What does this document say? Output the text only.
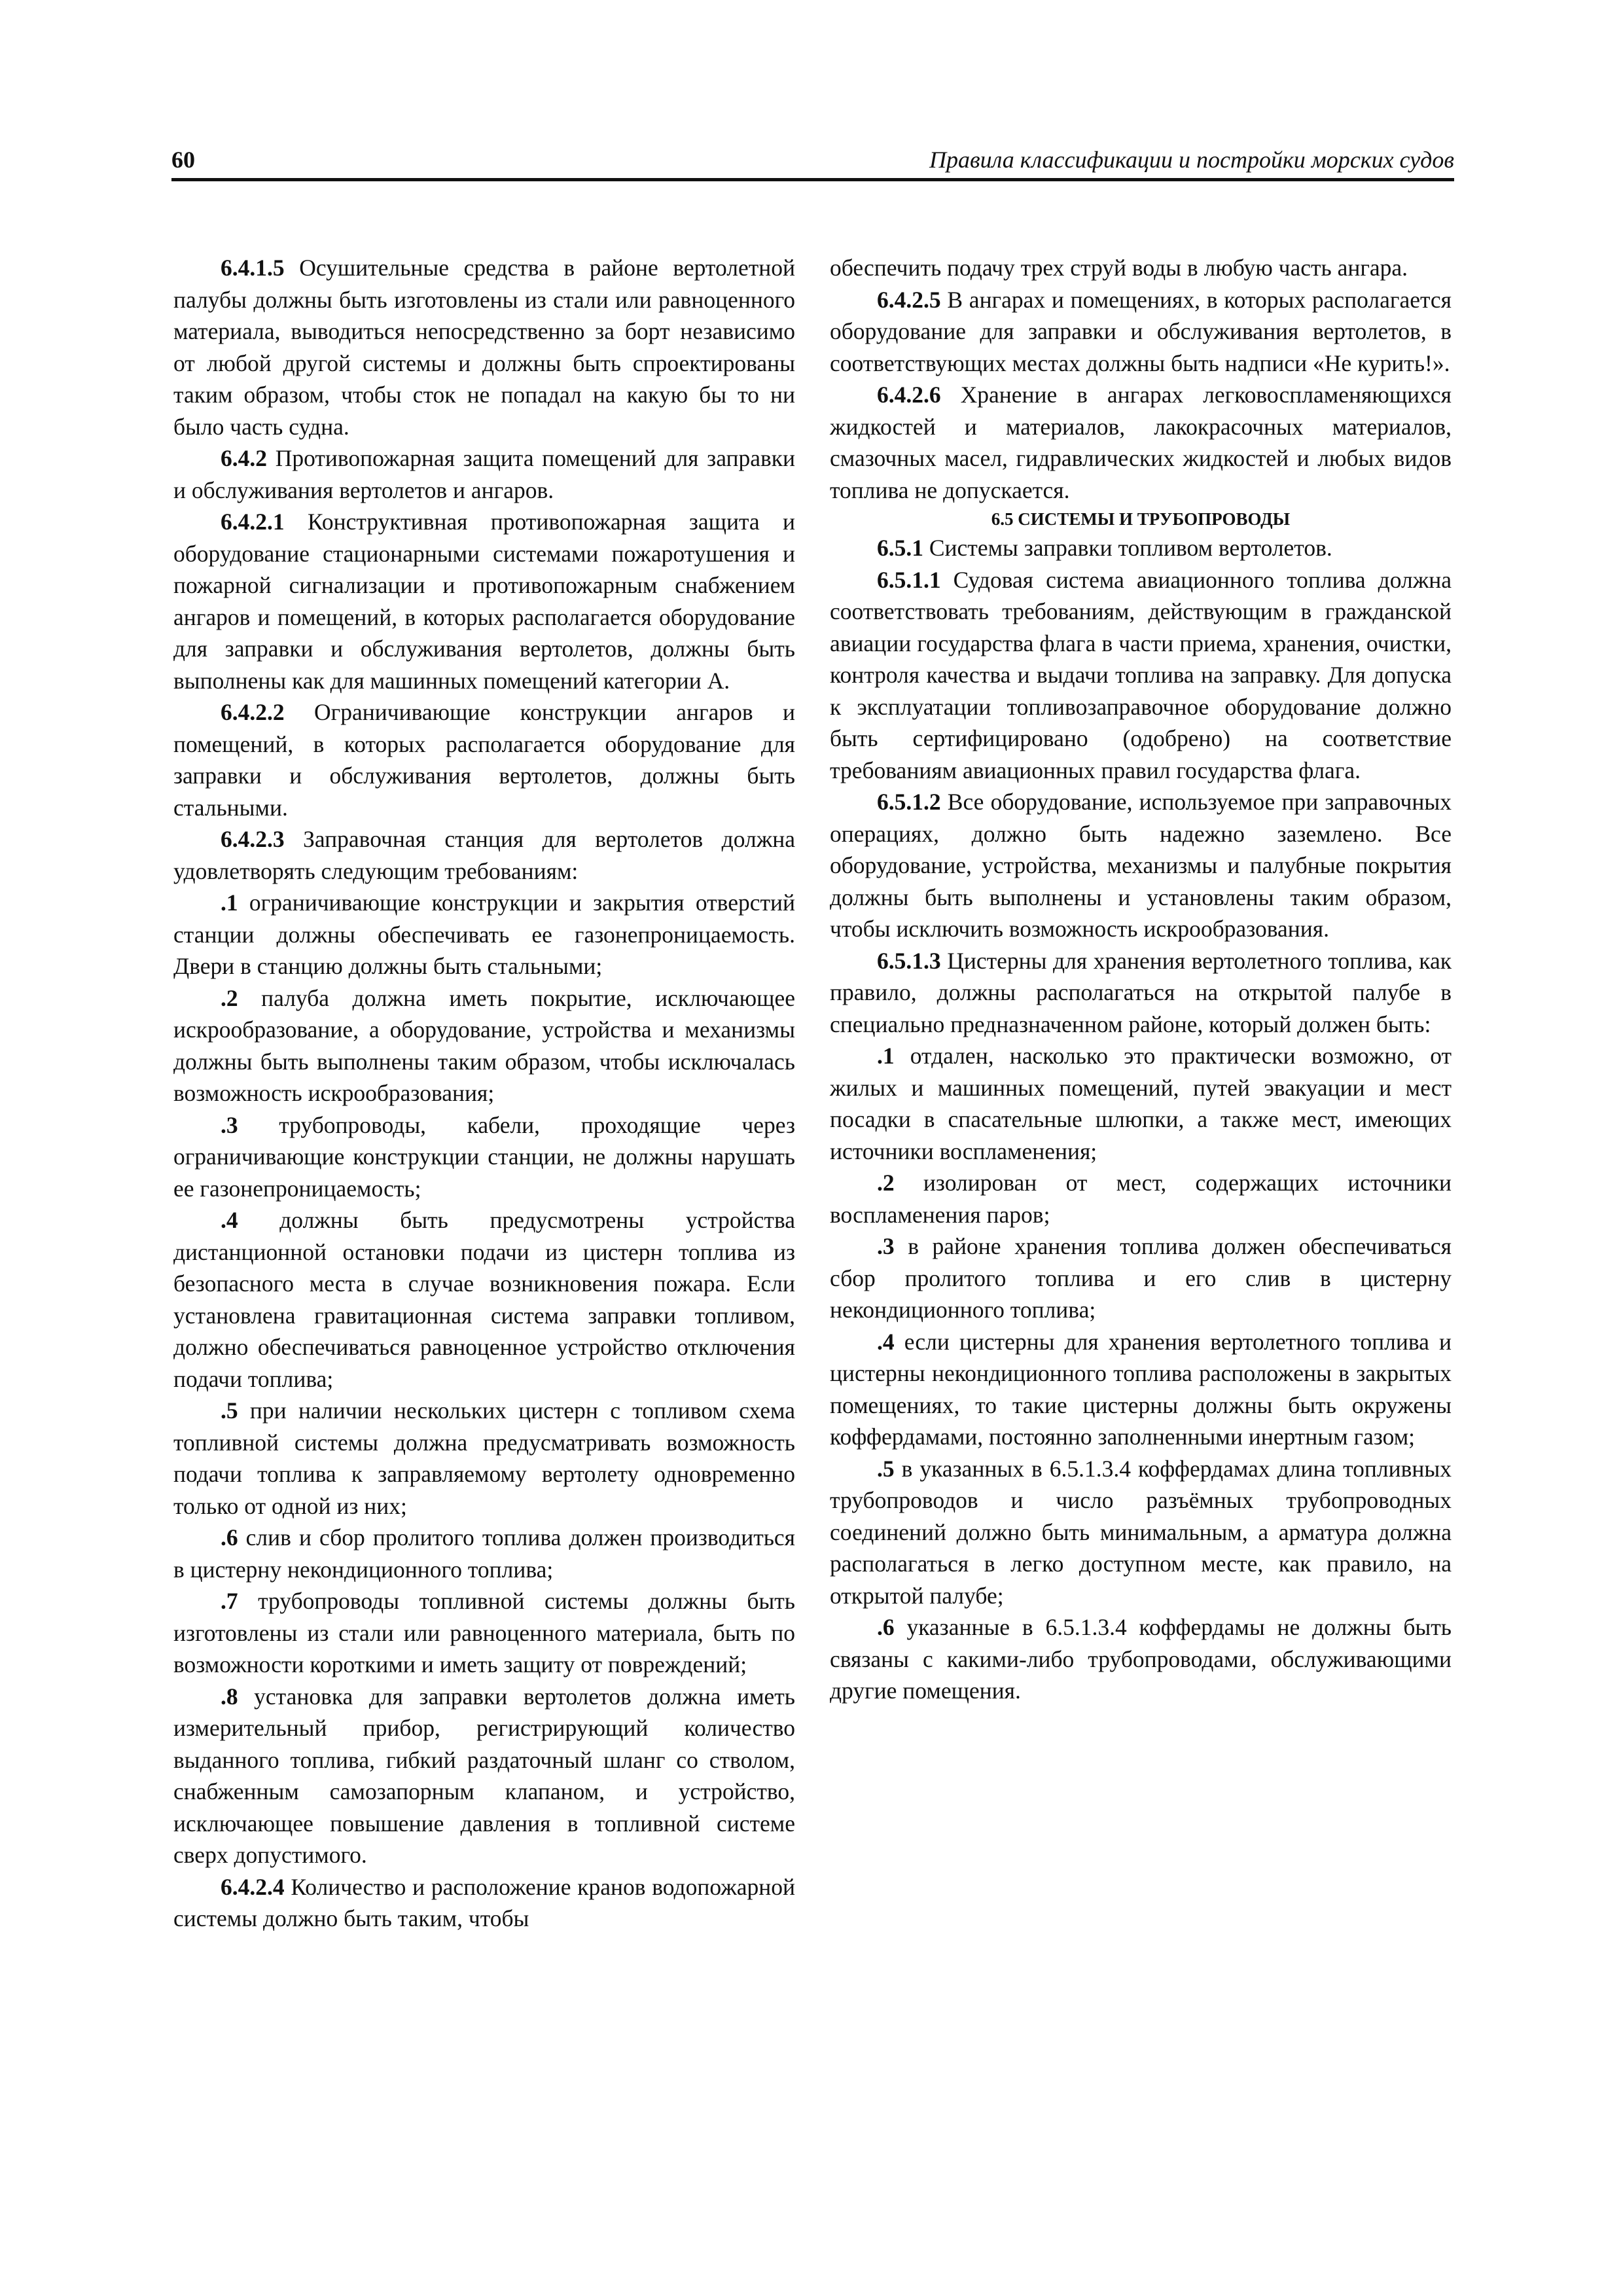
60	Правила классификации и постройки морских судов

6.4.1.5 Осушительные средства в районе вертолетной палубы должны быть изготовлены из стали или равноценного материала, выводиться непосредственно за борт независимо от любой другой системы и должны быть спроектированы таким образом, чтобы сток не попадал на какую бы то ни было часть судна.

6.4.2 Противопожарная защита помещений для заправки и обслуживания вертолетов и ангаров.

6.4.2.1 Конструктивная противопожарная защита и оборудование стационарными системами пожаротушения и пожарной сигнализации и противопожарным снабжением ангаров и помещений, в которых располагается оборудование для заправки и обслуживания вертолетов, должны быть выполнены как для машинных помещений категории А.

6.4.2.2 Ограничивающие конструкции ангаров и помещений, в которых располагается оборудование для заправки и обслуживания вертолетов, должны быть стальными.

6.4.2.3 Заправочная станция для вертолетов должна удовлетворять следующим требованиям:

.1 ограничивающие конструкции и закрытия отверстий станции должны обеспечивать ее газонепроницаемость. Двери в станцию должны быть стальными;

.2 палуба должна иметь покрытие, исключающее искрообразование, а оборудование, устройства и механизмы должны быть выполнены таким образом, чтобы исключалась возможность искрообразования;

.3 трубопроводы, кабели, проходящие через ограничивающие конструкции станции, не должны нарушать ее газонепроницаемость;

.4 должны быть предусмотрены устройства дистанционной остановки подачи из цистерн топлива из безопасного места в случае возникновения пожара. Если установлена гравитационная система заправки топливом, должно обеспечиваться равноценное устройство отключения подачи топлива;

.5 при наличии нескольких цистерн с топливом схема топливной системы должна предусматривать возможность подачи топлива к заправляемому вертолету одновременно только от одной из них;

.6 слив и сбор пролитого топлива должен производиться в цистерну некондиционного топлива;

.7 трубопроводы топливной системы должны быть изготовлены из стали или равноценного материала, быть по возможности короткими и иметь защиту от повреждений;

.8 установка для заправки вертолетов должна иметь измерительный прибор, регистрирующий количество выданного топлива, гибкий раздаточный шланг со стволом, снабженным самозапорным клапаном, и устройство, исключающее повышение давления в топливной системе сверх допустимого.

6.4.2.4 Количество и расположение кранов водопожарной системы должно быть таким, чтобы

обеспечить подачу трех струй воды в любую часть ангара.

6.4.2.5 В ангарах и помещениях, в которых располагается оборудование для заправки и обслуживания вертолетов, в соответствующих местах должны быть надписи «Не курить!».

6.4.2.6 Хранение в ангарах легковоспламеняющихся жидкостей и материалов, лакокрасочных материалов, смазочных масел, гидравлических жидкостей и любых видов топлива не допускается.

6.5 СИСТЕМЫ И ТРУБОПРОВОДЫ

6.5.1 Системы заправки топливом вертолетов.

6.5.1.1 Судовая система авиационного топлива должна соответствовать требованиям, действующим в гражданской авиации государства флага в части приема, хранения, очистки, контроля качества и выдачи топлива на заправку. Для допуска к эксплуатации топливозаправочное оборудование должно быть сертифицировано (одобрено) на соответствие требованиям авиационных правил государства флага.

6.5.1.2 Все оборудование, используемое при заправочных операциях, должно быть надежно заземлено. Все оборудование, устройства, механизмы и палубные покрытия должны быть выполнены и установлены таким образом, чтобы исключить возможность искрообразования.

6.5.1.3 Цистерны для хранения вертолетного топлива, как правило, должны располагаться на открытой палубе в специально предназначенном районе, который должен быть:

.1 отдален, насколько это практически возможно, от жилых и машинных помещений, путей эвакуации и мест посадки в спасательные шлюпки, а также мест, имеющих источники воспламенения;

.2 изолирован от мест, содержащих источники воспламенения паров;

.3 в районе хранения топлива должен обеспечиваться сбор пролитого топлива и его слив в цистерну некондиционного топлива;

.4 если цистерны для хранения вертолетного топлива и цистерны некондиционного топлива расположены в закрытых помещениях, то такие цистерны должны быть окружены коффердамами, постоянно заполненными инертным газом;

.5 в указанных в 6.5.1.3.4 коффердамах длина топливных трубопроводов и число разъёмных трубопроводных соединений должно быть минимальным, а арматура должна располагаться в легко доступном месте, как правило, на открытой палубе;

.6 указанные в 6.5.1.3.4 коффердамы не должны быть связаны с какими-либо трубопроводами, обслуживающими другие помещения.
